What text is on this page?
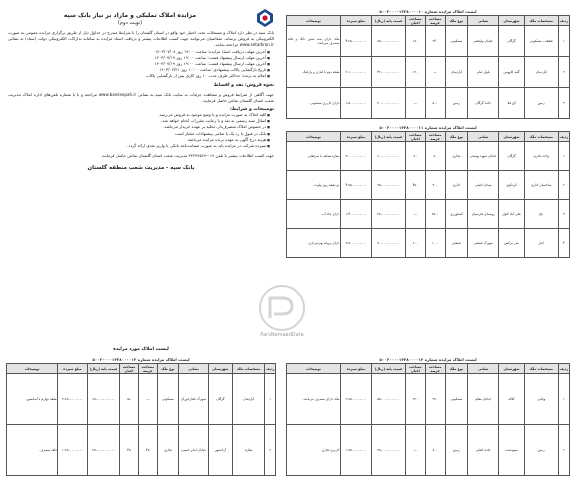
مزایده املاک تملیکی و مازاد بر نیاز بانک سپه
(نوبت دوم)
بانک سپه در نظر دارد املاک و مستغلات تحت اختیار خود واقع در استان گلستان را با شرایط مندرج در جداول ذیل از طریق برگزاری مزایده عمومی به صورت الکترونیکی به فروش برساند. متقاضیان می‌توانند جهت کسب اطلاعات بیشتر و دریافت اسناد مزایده به سامانه تدارکات الکترونیکی دولت (ستاد) به نشانی www.setadiran.ir مراجعه نمایند.
■ آخرین مهلت دریافت اسناد مزایده: ساعت ۱۹:۰۰ روز ۱۴۰۳/۰۷/۰۸
■ آخرین مهلت ارسال پیشنهاد قیمت: ساعت ۱۹:۰۰ روز ۱۴۰۳/۰۷/۱۹
■ آخرین مهلت ارسال پیشنهاد قیمت: ساعت ۱۹:۰۰ روز ۱۴۰۳/۰۷/۱۹
■ تاریخ بازگشایی پاکات پیشنهادی: ساعت ۱۰:۰۰ روز ۱۴۰۳/۰۷/۲۱
■ اعلام به برنده: حداکثر ظرف مدت ۱۰ روز کاری پس از بازگشایی پاکات
نحوه فروش: نقد و اقساط
جهت آگاهی از شرایط فروش و مشاهده جزئیات به سایت بانک سپه به نشانی www.banksepah.ir مراجعه و یا با شماره تلفن‌های اداره املاک مدیریت شعب استان گلستان تماس حاصل فرمایید.
توضیحات و شرایط:
■ کلیه املاک به صورت مزایده و با وضع موجود به فروش می‌رسد.
■ انتقال سند رسمی به نقد و با رعایت مقررات انجام خواهد شد.
■ در خصوص املاک متصرف‌دار، تخلیه بر عهده خریدار می‌باشد.
■ بانک در قبول یا رد یک یا تمامی پیشنهادات مختار است.
■ هزینه درج آگهی به عهده برنده مزایده می‌باشد.
■ سپرده شرکت در مزایده باید به صورت ضمانت‌نامه بانکی یا واریز نقدی ارائه گردد.
جهت کسب اطلاعات بیشتر با تلفن ۰۱۷-۳۲۲۴۴۵۶۷ مدیریت شعب استان گلستان تماس حاصل فرمایند.
بانک سپه - مدیریت شعب منطقه گلستان
ParsNamaadData
لیست املاک مزایده شماره ۵۰۰۳۰۰۰۰۱۴۳۸۰۰۰۰۱۰
ردیف	مشخصات ملک	شهرستان	نشانی	نوع ملک	مساحت عرصه	مساحت اعیان	قیمت پایه (ریال)	مبلغ سپرده	توضیحات
۱	قطعه - مسکونی	گرگان	خیابان ولیعصر	مسکونی	۲۴۰	۱۸۰	۸۵،۰۰۰،۰۰۰،۰۰۰	۴،۲۵۰،۰۰۰،۰۰۰	ملک دارای سند شش دانگ و فاقد متصرف می‌باشد.
۲	آپارتمان	گنبد کاووس	بلوار امام	آپارتمان	—	۱۲۰	۴۲،۰۰۰،۰۰۰،۰۰۰	۲،۱۰۰،۰۰۰،۰۰۰	طبقه دوم با انباری و پارکینگ.
۳	زمین	آق قلا	جاده گرگان	زمین	۵۰۰	—	۳۰،۰۰۰،۰۰۰،۰۰۰	۱،۵۰۰،۰۰۰،۰۰۰	دارای کاربری مسکونی.
لیست املاک مزایده شماره ۵۰۰۳۰۰۰۰۱۴۳۸۰۰۰۰۱۱
ردیف	مشخصات ملک	شهرستان	نشانی	نوع ملک	مساحت عرصه	مساحت اعیان	قیمت پایه (ریال)	مبلغ سپرده	توضیحات
۱	واحد تجاری	گرگان	خیابان شهید بهشتی	تجاری	۸۰	۸۰	۶۰،۰۰۰،۰۰۰،۰۰۰	۳،۰۰۰،۰۰۰،۰۰۰	مغازه همکف با سرقفلی.
۲	ساختمان اداری	کردکوی	میدان اصلی	اداری	۳۰۰	۴۵۰	۹۵،۰۰۰،۰۰۰،۰۰۰	۴،۷۵۰،۰۰۰،۰۰۰	دو طبقه روی پیلوت.
۳	باغ	علی آباد کتول	روستای فارسیان	کشاورزی	۲۵۰۰	—	۲۸،۰۰۰،۰۰۰،۰۰۰	۱،۴۰۰،۰۰۰،۰۰۰	دارای چاه آب.
۴	انبار	بندر ترکمن	شهرک صنعتی	صنعتی	۱۰۰۰	۶۰۰	۷۰،۰۰۰،۰۰۰،۰۰۰	۳،۵۰۰،۰۰۰،۰۰۰	دارای پروانه بهره‌برداری.
لیست املاک مزایده شماره ۵۰۰۳۰۰۰۰۱۴۳۸۰۰۰۰۱۲
ردیف	مشخصات ملک	شهرستان	نشانی	نوع ملک	مساحت عرصه	مساحت اعیان	قیمت پایه (ریال)	مبلغ سپرده	توضیحات
۱	ویلایی	کلاله	خیابان معلم	مسکونی	۳۶۰	۲۲۰	۵۵،۰۰۰،۰۰۰،۰۰۰	۲،۷۵۰،۰۰۰،۰۰۰	ملک دارای متصرف می‌باشد.
۲	زمین	مینودشت	جاده اصلی	زمین	۸۰۰	—	۳۵،۰۰۰،۰۰۰،۰۰۰	۱،۷۵۰،۰۰۰،۰۰۰	کاربری تجاری.
لیست املاک مزایده شماره ۵۰۰۳۰۰۰۰۱۴۳۸۰۰۰۰۱۳
ردیف	مشخصات ملک	شهرستان	نشانی	نوع ملک	مساحت عرصه	مساحت اعیان	قیمت پایه (ریال)	مبلغ سپرده	توضیحات
۱	آپارتمان	گرگان	شهرک ناهارخوران	مسکونی	—	۱۵۰	۶۵،۰۰۰،۰۰۰،۰۰۰	۳،۲۵۰،۰۰۰،۰۰۰	طبقه چهارم با آسانسور.
۲	مغازه	آزادشهر	خیابان امام خمینی	تجاری	۴۵	۴۵	۲۵،۰۰۰،۰۰۰،۰۰۰	۱،۲۵۰،۰۰۰،۰۰۰	فاقد متصرف.
لیست املاک مورد مزایده
